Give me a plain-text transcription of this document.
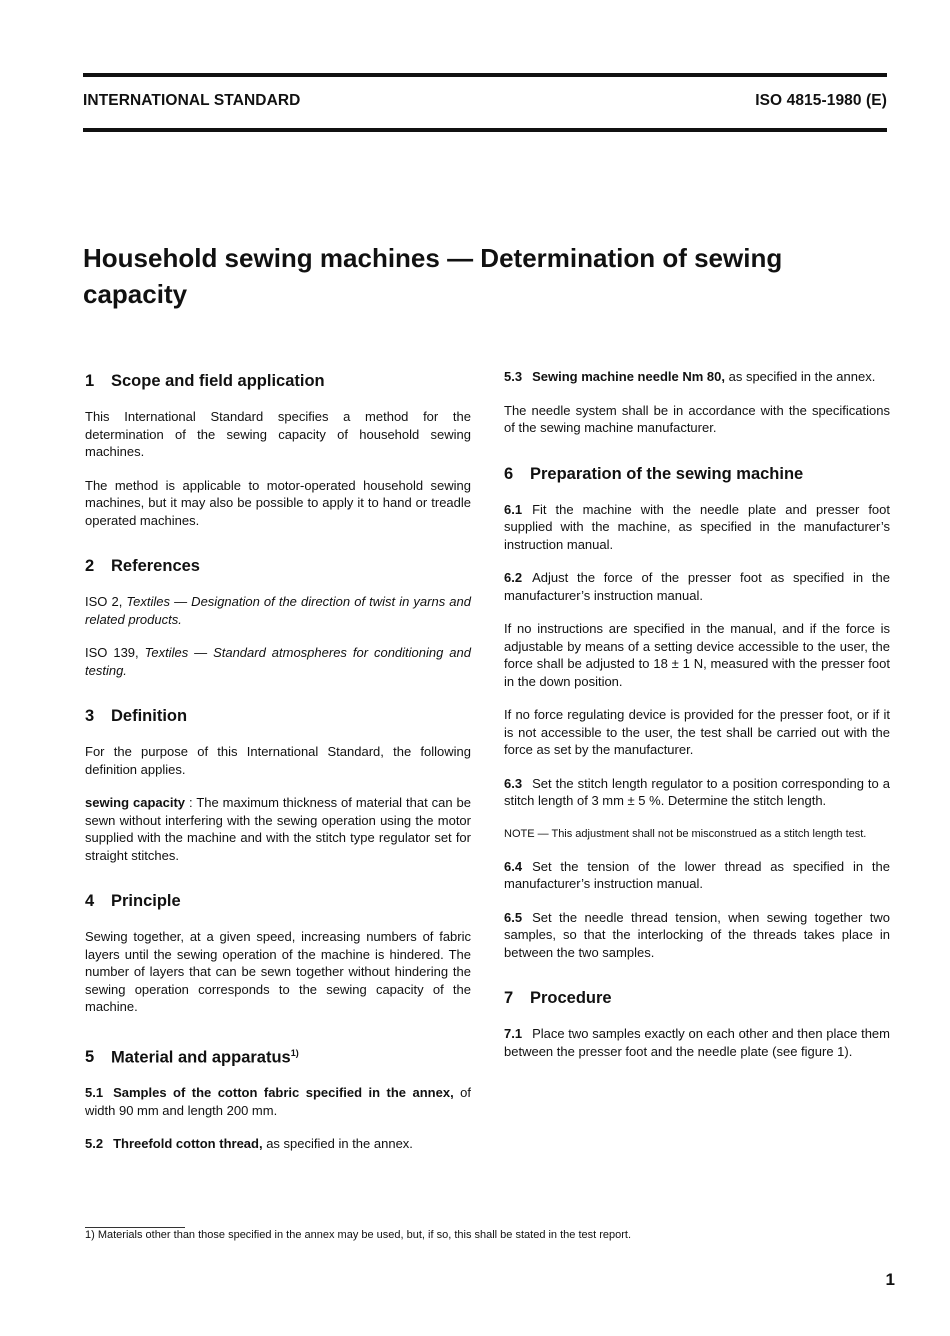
INTERNATIONAL STANDARD	ISO 4815-1980 (E)
Household sewing machines — Determination of sewing capacity
1 Scope and field application

This International Standard specifies a method for the determination of the sewing capacity of household sewing machines.

The method is applicable to motor-operated household sewing machines, but it may also be possible to apply it to hand or treadle operated machines.

2 References

ISO 2, Textiles — Designation of the direction of twist in yarns and related products.

ISO 139, Textiles — Standard atmospheres for conditioning and testing.

3 Definition

For the purpose of this International Standard, the following definition applies.

sewing capacity : The maximum thickness of material that can be sewn without interfering with the sewing operation using the motor supplied with the machine and with the stitch type regulator set for straight stitches.

4 Principle

Sewing together, at a given speed, increasing numbers of fabric layers until the sewing operation of the machine is hindered. The number of layers that can be sewn together without hindering the sewing operation corresponds to the sewing capacity of the machine.

5 Material and apparatus$^{1)}$

5.1 Samples of the cotton fabric specified in the annex, of width 90 mm and length 200 mm.

5.2 Threefold cotton thread, as specified in the annex.

5.3 Sewing machine needle Nm 80, as specified in the annex.

The needle system shall be in accordance with the specifications of the sewing machine manufacturer.

6 Preparation of the sewing machine

6.1 Fit the machine with the needle plate and presser foot supplied with the machine, as specified in the manufacturer’s instruction manual.

6.2 Adjust the force of the presser foot as specified in the manufacturer’s instruction manual.

If no instructions are specified in the manual, and if the force is adjustable by means of a setting device accessible to the user, the force shall be adjusted to 18 ± 1 N, measured with the presser foot in the down position.

If no force regulating device is provided for the presser foot, or if it is not accessible to the user, the test shall be carried out with the force as set by the manufacturer.

6.3 Set the stitch length regulator to a position corresponding to a stitch length of 3 mm ± 5 %. Determine the stitch length.

NOTE — This adjustment shall not be misconstrued as a stitch length test.

6.4 Set the tension of the lower thread as specified in the manufacturer’s instruction manual.

6.5 Set the needle thread tension, when sewing together two samples, so that the interlocking of the threads takes place in between the two samples.

7 Procedure

7.1 Place two samples exactly on each other and then place them between the presser foot and the needle plate (see figure 1).

1) Materials other than those specified in the annex may be used, but, if so, this shall be stated in the test report.
1
